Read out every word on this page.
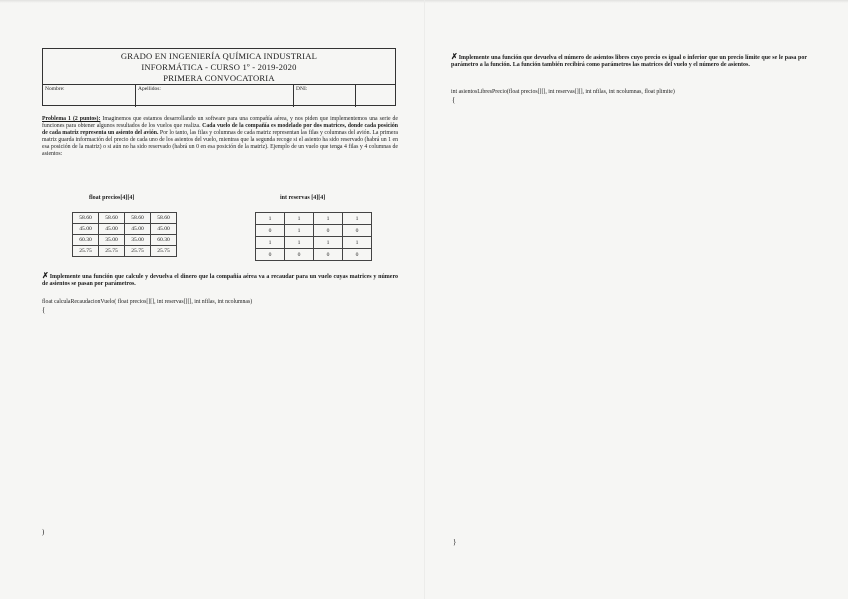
GRADO EN INGENIERÍA QUÍMICA INDUSTRIAL
INFORMÁTICA - CURSO 1º - 2019-2020
PRIMERA CONVOCATORIA
Nombre:	Apellidos:	DNI:
Problema 1 (2 puntos): Imaginemos que estamos desarrollando un software para una compañía aérea, y nos piden que implementemos una serie de funciones para obtener algunos resultados de los vuelos que realiza. Cada vuelo de la compañía es modelado por dos matrices, donde cada posición de cada matriz representa un asiento del avión. Por lo tanto, las filas y columnas de cada matriz representan las filas y columnas del avión. La primera matriz guarda información del precio de cada uno de los asientos del vuelo, mientras que la segunda recoge si el asiento ha sido reservado (habrá un 1 en esa posición de la matriz) o si aún no ha sido reservado (habrá un 0 en esa posición de la matriz). Ejemplo de un vuelo que tenga 4 filas y 4 columnas de asientos:
float precios[4][4]
58.60	58.60	58.60	58.60
45.00	45.00	45.00	45.00
60.30	35.00	35.00	60.30
25.75	25.75	25.75	25.75
int reservas [4][4]
1	1	1	1
0	1	0	0
1	1	1	1
0	0	0	0
✗Implemente una función que calcule y devuelva el dinero que la compañía aérea va a recaudar para un vuelo cuyas matrices y número de asientos se pasan por parámetros.
float calculaRecaudacionVuelo( float precios[][], int reservas[][], int nfilas, int ncolumnas)
{
)
✗Implemente una función que devuelva el número de asientos libres cuyo precio es igual o inferior que un precio límite que se le pasa por parámetro a la función. La función también recibirá como parámetros las matrices del vuelo y el número de asientos.
int asientosLibresPrecio(float precios[][], int reservas[][], int nfilas, int ncolumnas, float plimite)
{
}
